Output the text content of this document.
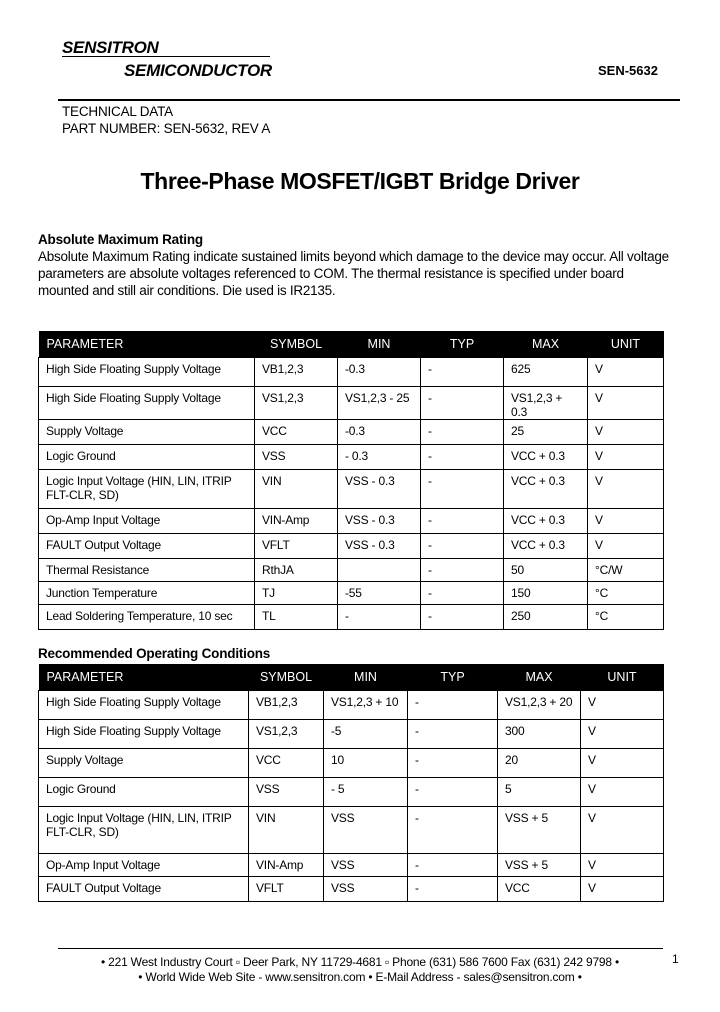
SENSITRON
SEMICONDUCTOR	SEN-5632
TECHNICAL DATA
PART NUMBER: SEN-5632, REV A
Three-Phase MOSFET/IGBT Bridge Driver
Absolute Maximum Rating
Absolute Maximum Rating indicate sustained limits beyond which damage to the device may occur. All voltage parameters are absolute voltages referenced to COM. The thermal resistance is specified under board mounted and still air conditions. Die used is IR2135.
PARAMETER	SYMBOL	MIN	TYP	MAX	UNIT
High Side Floating Supply Voltage	VB1,2,3	-0.3	-	625	V
High Side Floating Supply Voltage	VS1,2,3	VS1,2,3 - 25	-	VS1,2,3 + 0.3	V
Supply Voltage	VCC	-0.3	-	25	V
Logic Ground	VSS	- 0.3	-	VCC + 0.3	V
Logic Input Voltage (HIN, LIN, ITRIP FLT-CLR, SD)	VIN	VSS - 0.3	-	VCC + 0.3	V
Op-Amp Input Voltage	VIN-Amp	VSS - 0.3	-	VCC + 0.3	V
FAULT Output Voltage	VFLT	VSS - 0.3	-	VCC + 0.3	V
Thermal Resistance	RthJA		-	50	°C/W
Junction Temperature	TJ	-55	-	150	°C
Lead Soldering Temperature, 10 sec	TL	-	-	250	°C
Recommended Operating Conditions
PARAMETER	SYMBOL	MIN	TYP	MAX	UNIT
High Side Floating Supply Voltage	VB1,2,3	VS1,2,3 + 10	-	VS1,2,3 + 20	V
High Side Floating Supply Voltage	VS1,2,3	-5	-	300	V
Supply Voltage	VCC	10	-	20	V
Logic Ground	VSS	- 5	-	5	V
Logic Input Voltage (HIN, LIN, ITRIP FLT-CLR, SD)	VIN	VSS	-	VSS + 5	V
Op-Amp Input Voltage	VIN-Amp	VSS	-	VSS + 5	V
FAULT Output Voltage	VFLT	VSS	-	VCC	V
• 221 West Industry Court ▫ Deer Park, NY 11729-4681 ▫ Phone (631) 586 7600 Fax (631) 242 9798 •
• World Wide Web Site - www.sensitron.com • E-Mail Address - sales@sensitron.com •
1
